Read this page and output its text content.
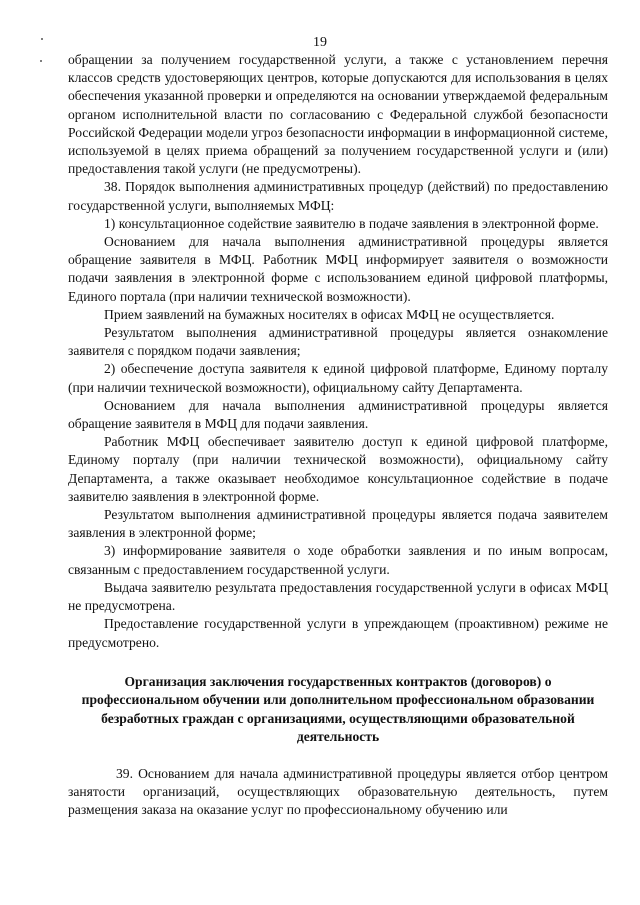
19

обращении за получением государственной услуги, а также с установлением перечня классов средств удостоверяющих центров, которые допускаются для использования в целях обеспечения указанной проверки и определяются на основании утверждаемой федеральным органом исполнительной власти по согласованию с Федеральной службой безопасности Российской Федерации модели угроз безопасности информации в информационной системе, используемой в целях приема обращений за получением государственной услуги и (или) предоставления такой услуги (не предусмотрены).

38. Порядок выполнения административных процедур (действий) по предоставлению государственной услуги, выполняемых МФЦ:

1) консультационное содействие заявителю в подаче заявления в электронной форме.

Основанием для начала выполнения административной процедуры является обращение заявителя в МФЦ. Работник МФЦ информирует заявителя о возможности подачи заявления в электронной форме с использованием единой цифровой платформы, Единого портала (при наличии технической возможности).

Прием заявлений на бумажных носителях в офисах МФЦ не осуществляется.

Результатом выполнения административной процедуры является ознакомление заявителя с порядком подачи заявления;

2) обеспечение доступа заявителя к единой цифровой платформе, Единому порталу (при наличии технической возможности), официальному сайту Департамента.

Основанием для начала выполнения административной процедуры является обращение заявителя в МФЦ для подачи заявления.

Работник МФЦ обеспечивает заявителю доступ к единой цифровой платформе, Единому порталу (при наличии технической возможности), официальному сайту Департамента, а также оказывает необходимое консультационное содействие в подаче заявителю заявления в электронной форме.

Результатом выполнения административной процедуры является подача заявителем заявления в электронной форме;

3) информирование заявителя о ходе обработки заявления и по иным вопросам, связанным с предоставлением государственной услуги.

Выдача заявителю результата предоставления государственной услуги в офисах МФЦ не предусмотрена.

Предоставление государственной услуги в упреждающем (проактивном) режиме не предусмотрено.

Организация заключения государственных контрактов (договоров) о профессиональном обучении или дополнительном профессиональном образовании безработных граждан с организациями, осуществляющими образовательной деятельность

39. Основанием для начала административной процедуры является отбор центром занятости организаций, осуществляющих образовательную деятельность, путем размещения заказа на оказание услуг по профессиональному обучению или
